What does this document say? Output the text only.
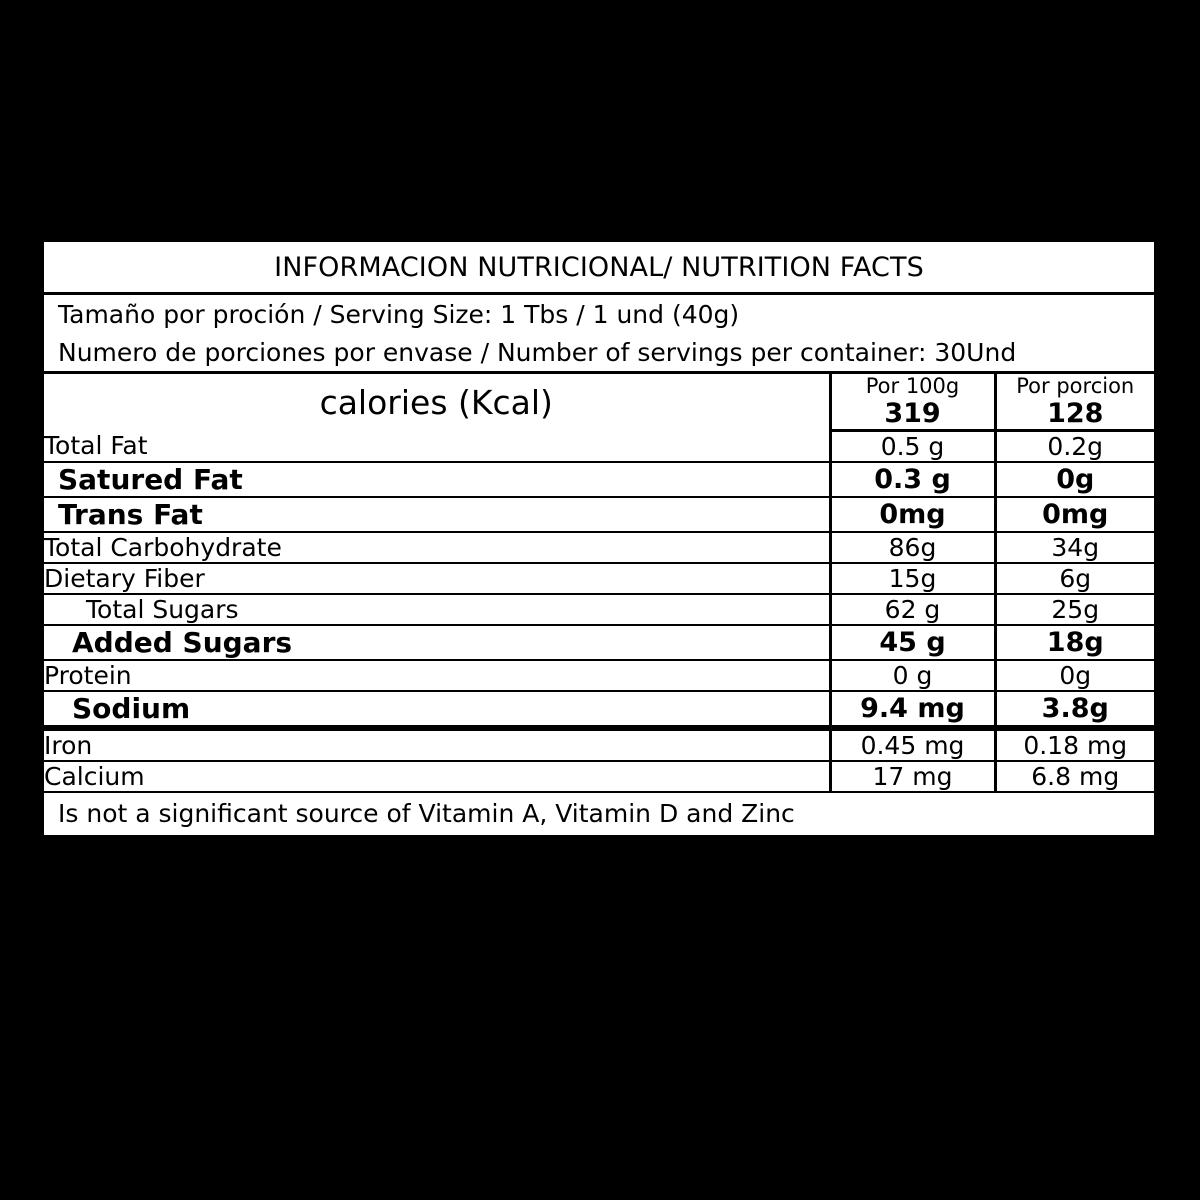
INFORMACION NUTRICIONAL/ NUTRITION FACTS
Tamaño por proción / Serving Size: 1 Tbs / 1 und (40g)
Numero de porciones por envase / Number of servings per container: 30Und
calories (Kcal)	Por 100g	Por porcion
	319	128
Total Fat	0.5 g	0.2g
Satured Fat	0.3 g	0g
Trans Fat	0mg	0mg
Total Carbohydrate	86g	34g
Dietary Fiber	15g	6g
Total Sugars	62 g	25g
Added Sugars	45 g	18g
Protein	0 g	0g
Sodium	9.4 mg	3.8g
Iron	0.45 mg	0.18 mg
Calcium	17 mg	6.8 mg
Is not a significant source of Vitamin A, Vitamin D and Zinc
